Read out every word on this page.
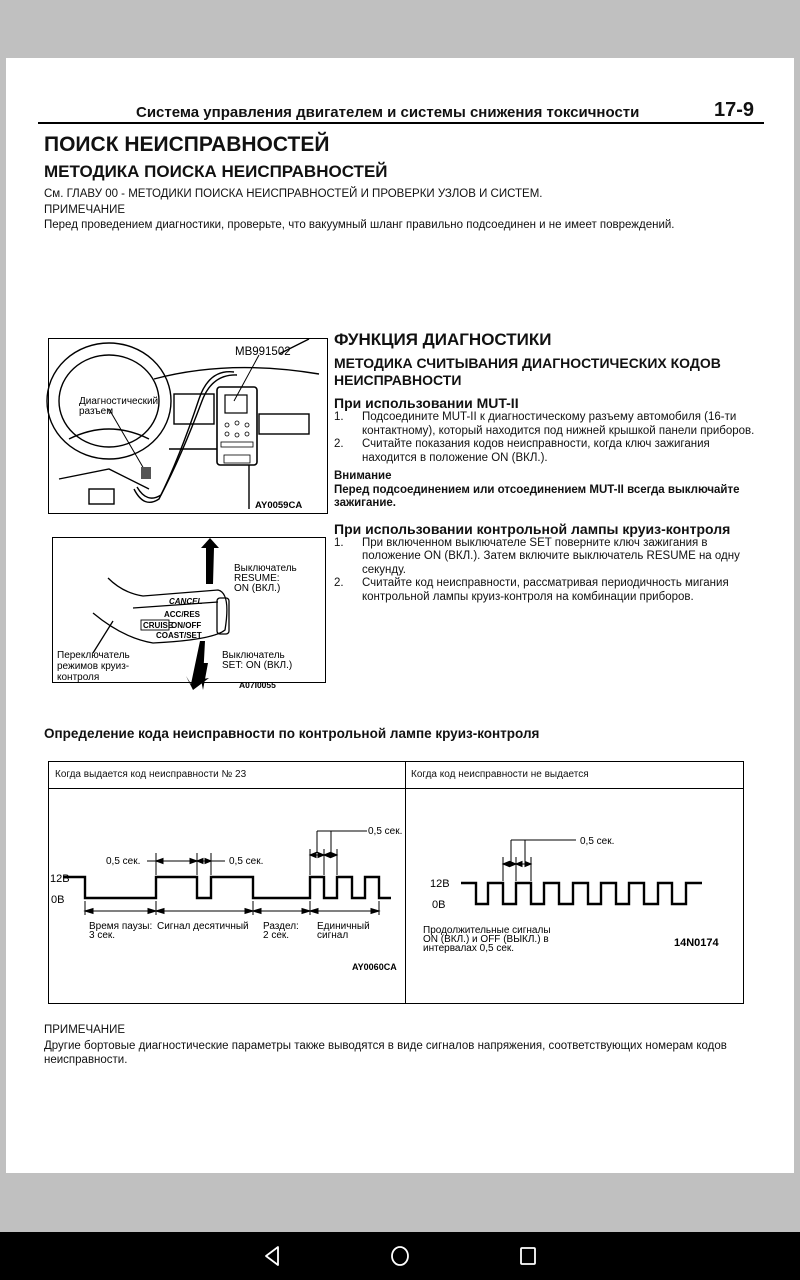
Система управления двигателем и системы снижения токсичности	17-9
ПОИСК НЕИСПРАВНОСТЕЙ
МЕТОДИКА ПОИСКА НЕИСПРАВНОСТЕЙ
См. ГЛАВУ 00 - МЕТОДИКИ ПОИСКА НЕИСПРАВНОСТЕЙ И ПРОВЕРКИ УЗЛОВ И СИСТЕМ.
ПРИМЕЧАНИЕ
Перед проведением диагностики, проверьте, что вакуумный шланг правильно подсоединен и не имеет повреждений.
MB991502
Диагностический
разъем
AY0059CA
CANCEL
ACC/RES
CRUISE
ON/OFF
COAST/SET
Выключатель
RESUME:
ON (ВКЛ.)
Выключатель
SET: ON (ВКЛ.)
Переключатель
режимов круиз-
контроля
A07I0055
ФУНКЦИЯ ДИАГНОСТИКИ
МЕТОДИКА СЧИТЫВАНИЯ ДИАГНОСТИЧЕСКИХ КОДОВ НЕИСПРАВНОСТИ
При использовании MUT-II
1. Подсоедините MUT-II к диагностическому разъему автомобиля (16-ти контактному), который находится под нижней крышкой панели приборов.
2. Считайте показания кодов неисправности, когда ключ зажигания находится в положение ON (ВКЛ.).
Внимание
Перед подсоединением или отсоединением MUT-II всегда выключайте зажигание.
При использовании контрольной лампы круиз-контроля
1. При включенном выключателе SET поверните ключ зажигания в положение ON (ВКЛ.). Затем включите выключатель RESUME на одну секунду.
2. Считайте код неисправности, рассматривая периодичность мигания контрольной лампы круиз-контроля на комбинации приборов.
Определение кода неисправности по контрольной лампе круиз-контроля
Когда выдается код неисправности № 23	Когда код неисправности не выдается
12В
0В
0,5 сек.	0,5 сек.
0,5 сек.
Время паузы:
3 сек.
Сигнал десятичный Раздел:
2 сек.
Единичный
сигнал
AY0060CA
12В
0В
0,5 сек.
Продолжительные сигналы
ON (ВКЛ.) и OFF (ВЫКЛ.) в
интервалах 0,5 сек.	14N0174
ПРИМЕЧАНИЕ
Другие бортовые диагностические параметры также выводятся в виде сигналов напряжения, соответствующих номерам кодов неисправности.
